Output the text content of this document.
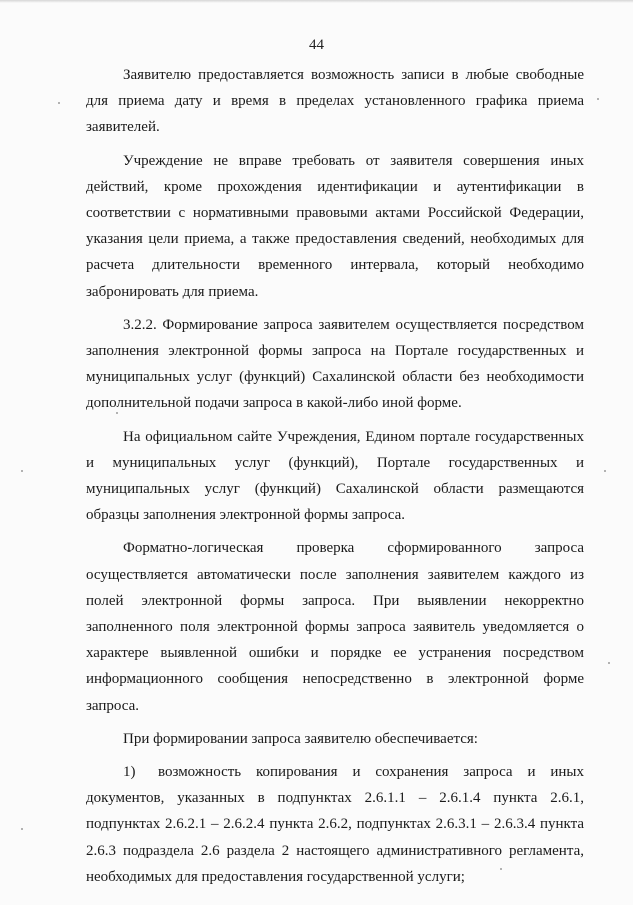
44

Заявителю предоставляется возможность записи в любые свободные для приема дату и время в пределах установленного графика приема заявителей.

Учреждение не вправе требовать от заявителя совершения иных действий, кроме прохождения идентификации и аутентификации в соответствии с нормативными правовыми актами Российской Федерации, указания цели приема, а также предоставления сведений, необходимых для расчета длительности временного интервала, который необходимо забронировать для приема.

3.2.2. Формирование запроса заявителем осуществляется посредством заполнения электронной формы запроса на Портале государственных и муниципальных услуг (функций) Сахалинской области без необходимости дополнительной подачи запроса в какой-либо иной форме.

На официальном сайте Учреждения, Едином портале государственных и муниципальных услуг (функций), Портале государственных и муниципальных услуг (функций) Сахалинской области размещаются образцы заполнения электронной формы запроса.

Форматно-логическая проверка сформированного запроса осуществляется автоматически после заполнения заявителем каждого из полей электронной формы запроса. При выявлении некорректно заполненного поля электронной формы запроса заявитель уведомляется о характере выявленной ошибки и порядке ее устранения посредством информационного сообщения непосредственно в электронной форме запроса.

При формировании запроса заявителю обеспечивается:

1)  возможность копирования и сохранения запроса и иных документов, указанных в подпунктах 2.6.1.1 – 2.6.1.4 пункта 2.6.1, подпунктах 2.6.2.1 – 2.6.2.4 пункта 2.6.2, подпунктах 2.6.3.1 – 2.6.3.4 пункта 2.6.3 подраздела 2.6 раздела 2 настоящего административного регламента, необходимых для предоставления государственной услуги;
